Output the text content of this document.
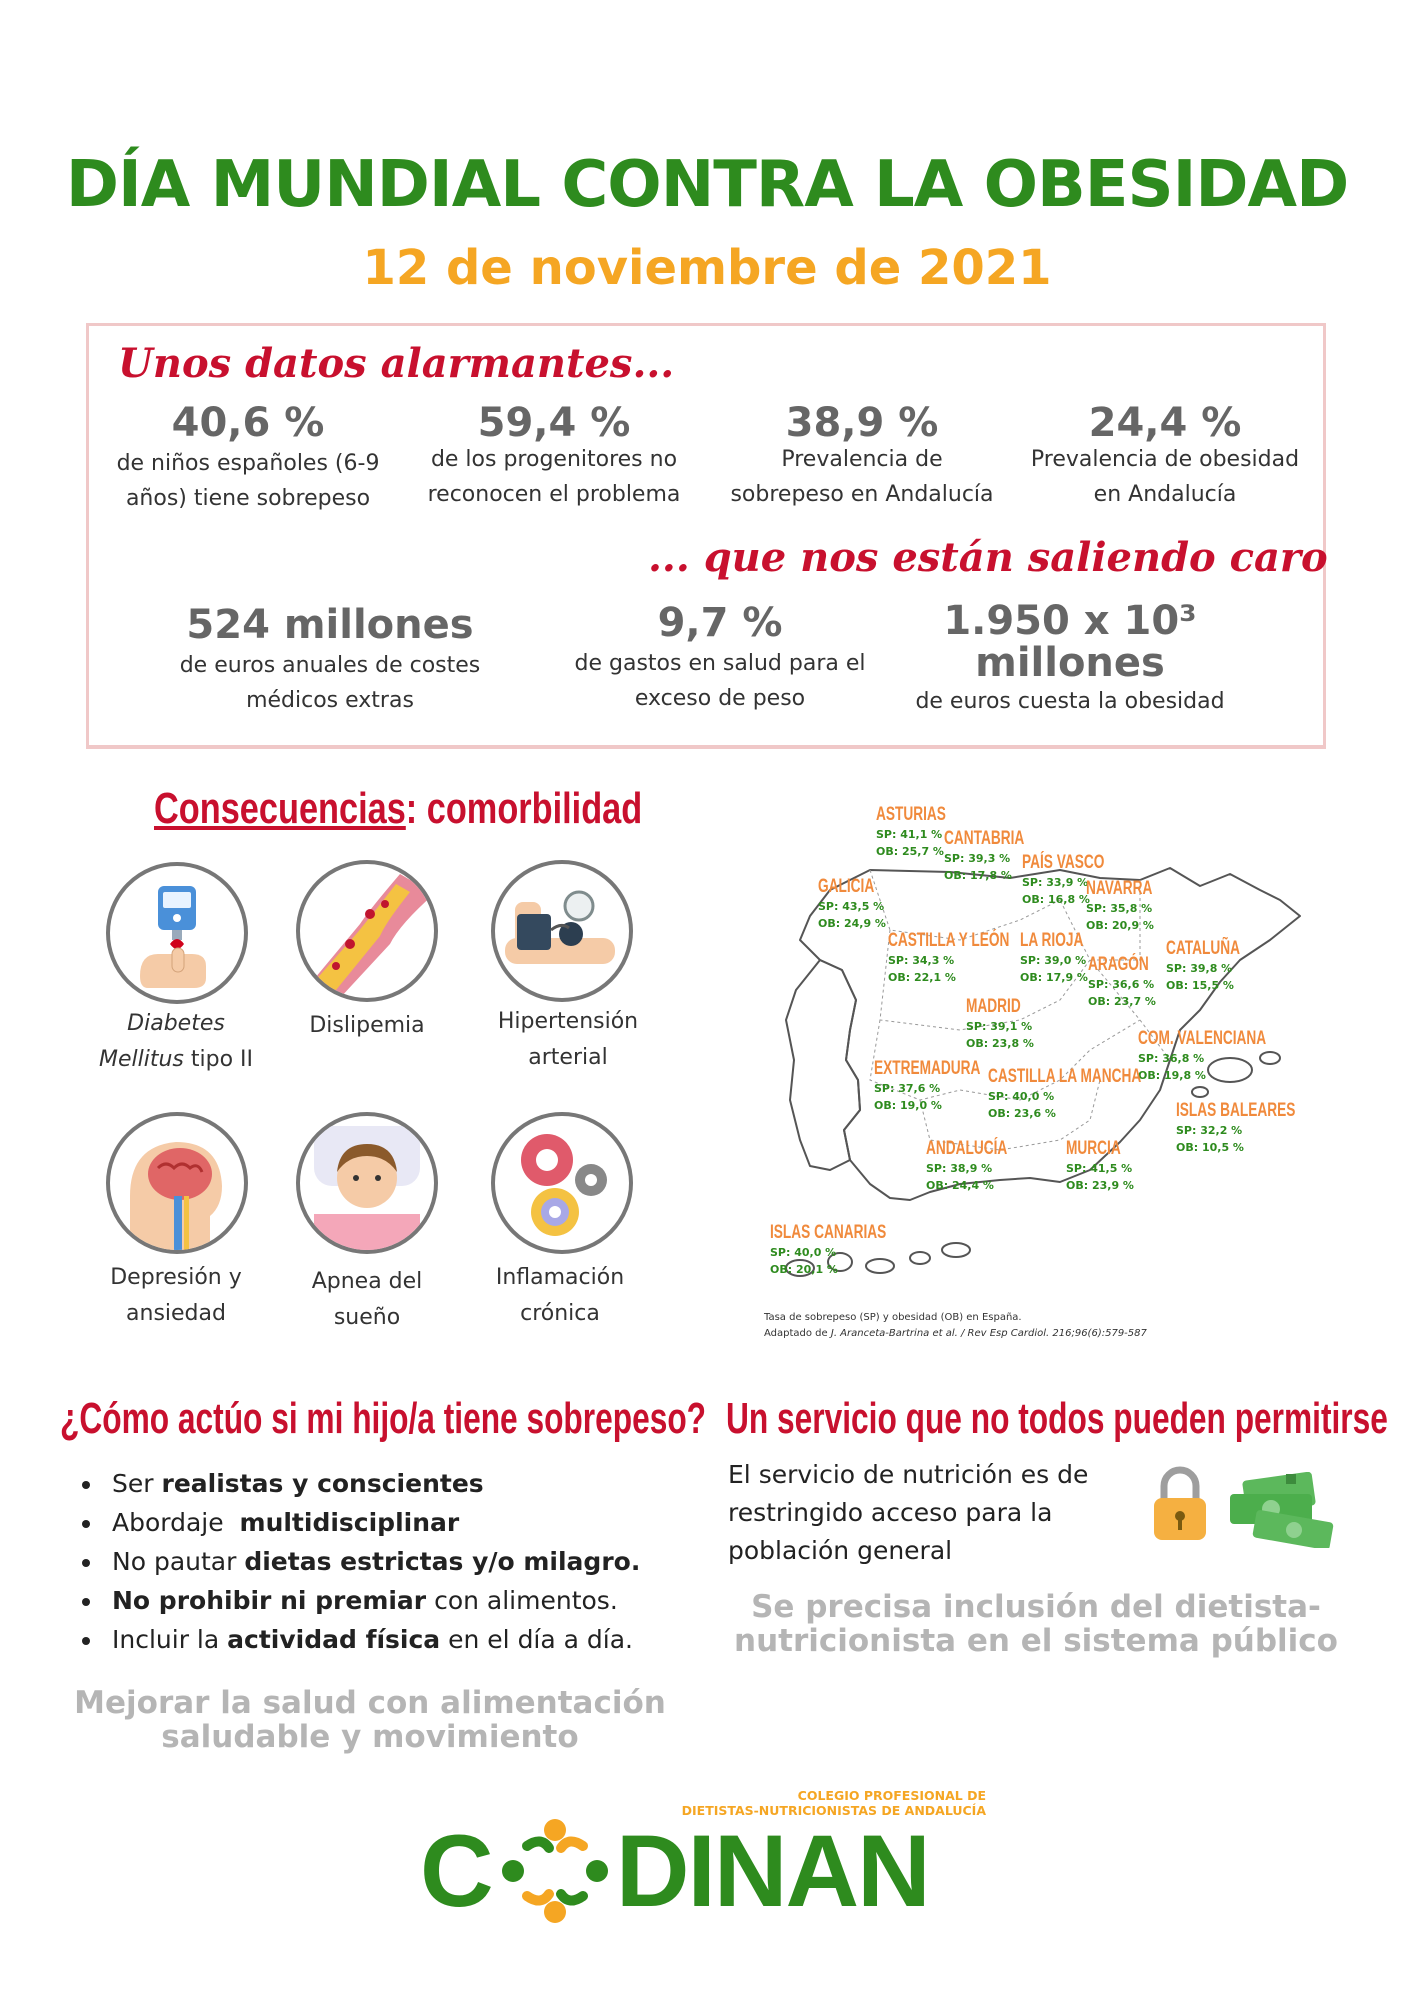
DÍA MUNDIAL CONTRA LA OBESIDAD
12 de noviembre de 2021
Unos datos alarmantes...
40,6 %
de niños españoles (6-9
años) tiene sobrepeso
59,4 %
de los progenitores no
reconocen el problema
38,9 %
Prevalencia de
sobrepeso en Andalucía
24,4 %
Prevalencia de obesidad
en Andalucía
... que nos están saliendo caro
524 millones
de euros anuales de costes
médicos extras
9,7 %
de gastos en salud para el
exceso de peso
1.950 x 10³
millones
de euros cuesta la obesidad
Consecuencias: comorbilidad
Diabetes
Mellitus tipo II
Dislipemia	Hipertensión
arterial
Depresión y
ansiedad
Apnea del
sueño
Inflamación
crónica
ASTURIAS
SP: 41,1 %
OB: 25,7 %
CANTABRIA
SP: 39,3 %
OB: 17,8 %
PAÍS VASCO
SP: 33,9 %
OB: 16,8 %
NAVARRA
SP: 35,8 %
OB: 20,9 %
GALICIA
SP: 43,5 %
OB: 24,9 %
CASTILLA Y LEÓN
SP: 34,3 %
OB: 22,1 %
LA RIOJA
SP: 39,0 %
OB: 17,9 %
ARAGÓN
SP: 36,6 %
OB: 23,7 %
CATALUÑA
SP: 39,8 %
OB: 15,5 %
MADRID
SP: 39,1 %
OB: 23,8 %	COM. VALENCIANA
SP: 36,8 %
OB: 19,8 %
EXTREMADURA
SP: 37,6 %
OB: 19,0 %
CASTILLA LA MANCHA
SP: 40,0 %
OB: 23,6 %	ISLAS BALEARES
SP: 32,2 %
OB: 10,5 %
ANDALUCÍA
SP: 38,9 %
OB: 24,4 %
MURCIA
SP: 41,5 %
OB: 23,9 %
ISLAS CANARIAS
SP: 40,0 %
OB: 20,1 %
Tasa de sobrepeso (SP) y obesidad (OB) en España.
Adaptado de J. Aranceta-Bartrina et al. / Rev Esp Cardiol. 216;96(6):579-587
¿Cómo actúo si mi hijo/a tiene sobrepeso?
• Ser realistas y conscientes
• Abordaje  multidisciplinar
• No pautar dietas estrictas y/o milagro.
• No prohibir ni premiar con alimentos.
• Incluir la actividad física en el día a día.
Mejorar la salud con alimentación
saludable y movimiento
Un servicio que no todos pueden permitirse
El servicio de nutrición es de
restringido acceso para la
población general
Se precisa inclusión del dietista-
nutricionista en el sistema público
COLEGIO PROFESIONAL DE
DIETISTAS-NUTRICIONISTAS DE ANDALUCÍA
C DINAN
